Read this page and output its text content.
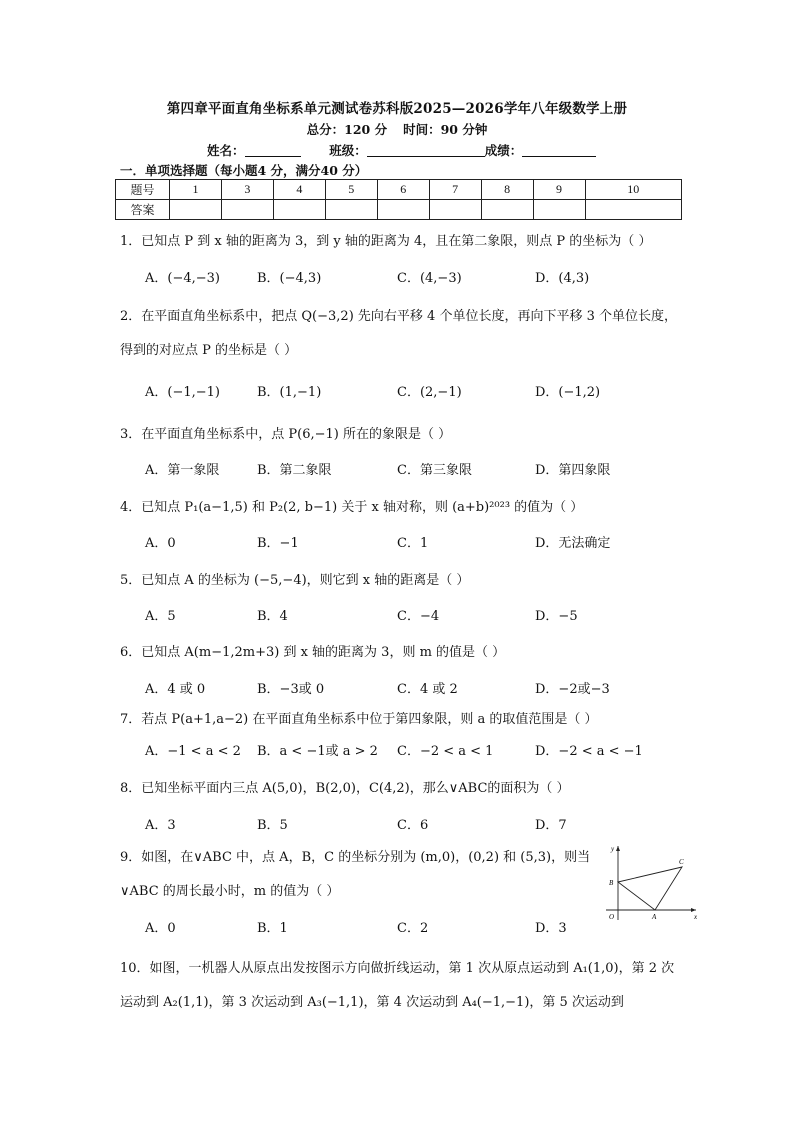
第四章平面直角坐标系单元测试卷苏科版2025—2026学年八年级数学上册
总分：120 分 时间：90 分钟
姓名：	班级：	成绩：
一．单项选择题（每小题4 分，满分40 分）
题号	1	3	4	5	6	7	8	9	10
答案									
1．已知点 P 到 x 轴的距离为 3，到 y 轴的距离为 4，且在第二象限，则点 P 的坐标为（ ）
A．(−4,−3)	B．(−4,3)	C．(4,−3)	D．(4,3)
2．在平面直角坐标系中，把点 Q(−3,2) 先向右平移 4 个单位长度，再向下平移 3 个单位长度，得到的对应点 P 的坐标是（ ）
A．(−1,−1)	B．(1,−1)	C．(2,−1)	D．(−1,2)
3．在平面直角坐标系中，点 P(6,−1) 所在的象限是（ ）
A．第一象限	B．第二象限	C．第三象限	D．第四象限
4．已知点 P₁(a−1,5) 和 P₂(2, b−1) 关于 x 轴对称，则 (a+b)²⁰²³ 的值为（ ）
A．0	B．−1	C．1	D．无法确定
5．已知点 A 的坐标为 (−5,−4)，则它到 x 轴的距离是（ ）
A．5	B．4	C．−4	D．−5
6．已知点 A(m−1,2m+3) 到 x 轴的距离为 3，则 m 的值是（ ）
A．4 或 0	B．−3或 0	C．4 或 2	D．−2或−3
7．若点 P(a+1,a−2) 在平面直角坐标系中位于第四象限，则 a 的取值范围是（ ）
A．−1 < a < 2 B．a < −1或 a > 2 C．−2 < a < 1	D．−2 < a < −1
8．已知坐标平面内三点 A(5,0)，B(2,0)，C(4,2)，那么∨ABC的面积为（ ）
A．3	B．5	C．6	D．7
9．如图，在∨ABC 中，点 A，B，C 的坐标分别为 (m,0)，(0,2) 和 (5,3)，则当∨ABC 的周长最小时，m 的值为（ ）
A．0	B．1	C．2	D．3
y
x
O	A
B
C
10．如图，一机器人从原点出发按图示方向做折线运动，第 1 次从原点运动到 A₁(1,0)，第 2 次运动到 A₂(1,1)，第 3 次运动到 A₃(−1,1)，第 4 次运动到 A₄(−1,−1)，第 5 次运动到
